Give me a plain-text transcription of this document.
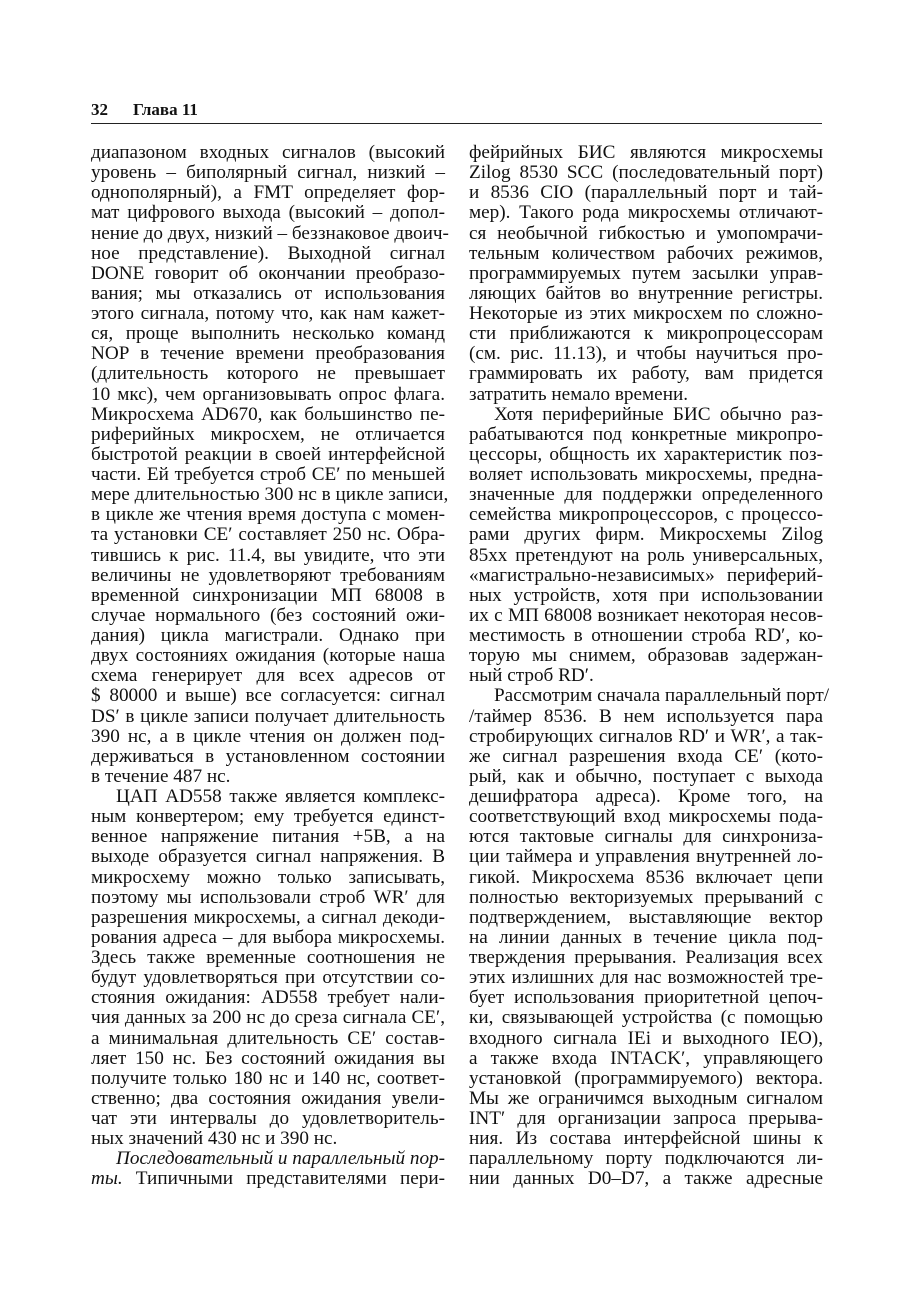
32 Глава 11
диапазоном входных сигналов (высокий
уровень – биполярный сигнал, низкий –
однополярный), а FMT определяет фор-
мат цифрового выхода (высокий – допол-
нение до двух, низкий – беззнаковое двоич-
ное представление). Выходной сигнал
DONE говорит об окончании преобразо-
вания; мы отказались от использования
этого сигнала, потому что, как нам кажет-
ся, проще выполнить несколько команд
NOP в течение времени преобразования
(длительность которого не превышает
10 мкс), чем организовывать опрос флага.
Микросхема AD670, как большинство пе-
риферийных микросхем, не отличается
быстротой реакции в своей интерфейсной
части. Ей требуется строб CE′ по меньшей
мере длительностью 300 нс в цикле записи,
в цикле же чтения время доступа с момен-
та установки CE′ составляет 250 нс. Обра-
тившись к рис. 11.4, вы увидите, что эти
величины не удовлетворяют требованиям
временной синхронизации МП 68008 в
случае нормального (без состояний ожи-
дания) цикла магистрали. Однако при
двух состояниях ожидания (которые наша
схема генерирует для всех адресов от
$ 80000 и выше) все согласуется: сигнал
DS′ в цикле записи получает длительность
390 нс, а в цикле чтения он должен под-
держиваться в установленном состоянии
в течение 487 нс.
ЦАП AD558 также является комплекс-
ным конвертером; ему требуется единст-
венное напряжение питания +5В, а на
выходе образуется сигнал напряжения. В
микросхему можно только записывать,
поэтому мы использовали строб WR′ для
разрешения микросхемы, а сигнал декоди-
рования адреса – для выбора микросхемы.
Здесь также временные соотношения не
будут удовлетворяться при отсутствии со-
стояния ожидания: AD558 требует нали-
чия данных за 200 нс до среза сигнала CE′,
а минимальная длительность CE′ состав-
ляет 150 нс. Без состояний ожидания вы
получите только 180 нс и 140 нс, соответ-
ственно; два состояния ожидания увели-
чат эти интервалы до удовлетворитель-
ных значений 430 нс и 390 нс.
Последовательный и параллельный пор-
ты. Типичными представителями пери-
фейрийных БИС являются микросхемы
Zilog 8530 SCC (последовательный порт)
и 8536 CIO (параллельный порт и тай-
мер). Такого рода микросхемы отличают-
ся необычной гибкостью и умопомрачи-
тельным количеством рабочих режимов,
программируемых путем засылки управ-
ляющих байтов во внутренние регистры.
Некоторые из этих микросхем по сложно-
сти приближаются к микропроцессорам
(см. рис. 11.13), и чтобы научиться про-
граммировать их работу, вам придется
затратить немало времени.
Хотя периферийные БИС обычно раз-
рабатываются под конкретные микропро-
цессоры, общность их характеристик поз-
воляет использовать микросхемы, предна-
значенные для поддержки определенного
семейства микропроцессоров, с процессо-
рами других фирм. Микросхемы Zilog
85xx претендуют на роль универсальных,
«магистрально-независимых» периферий-
ных устройств, хотя при использовании
их с МП 68008 возникает некоторая несов-
местимость в отношении строба RD′, ко-
торую мы снимем, образовав задержан-
ный строб RD′.
Рассмотрим сначала параллельный порт/
/таймер 8536. В нем используется пара
стробирующих сигналов RD′ и WR′, а так-
же сигнал разрешения входа CE′ (кото-
рый, как и обычно, поступает с выхода
дешифратора адреса). Кроме того, на
соответствующий вход микросхемы пода-
ются тактовые сигналы для синхрониза-
ции таймера и управления внутренней ло-
гикой. Микросхема 8536 включает цепи
полностью векторизуемых прерываний с
подтверждением, выставляющие вектор
на линии данных в течение цикла под-
тверждения прерывания. Реализация всех
этих излишних для нас возможностей тре-
бует использования приоритетной цепоч-
ки, связывающей устройства (с помощью
входного сигнала IEi и выходного IEO),
а также входа INTACK′, управляющего
установкой (программируемого) вектора.
Мы же ограничимся выходным сигналом
INT′ для организации запроса прерыва-
ния. Из состава интерфейсной шины к
параллельному порту подключаются ли-
нии данных D0–D7, а также адресные
